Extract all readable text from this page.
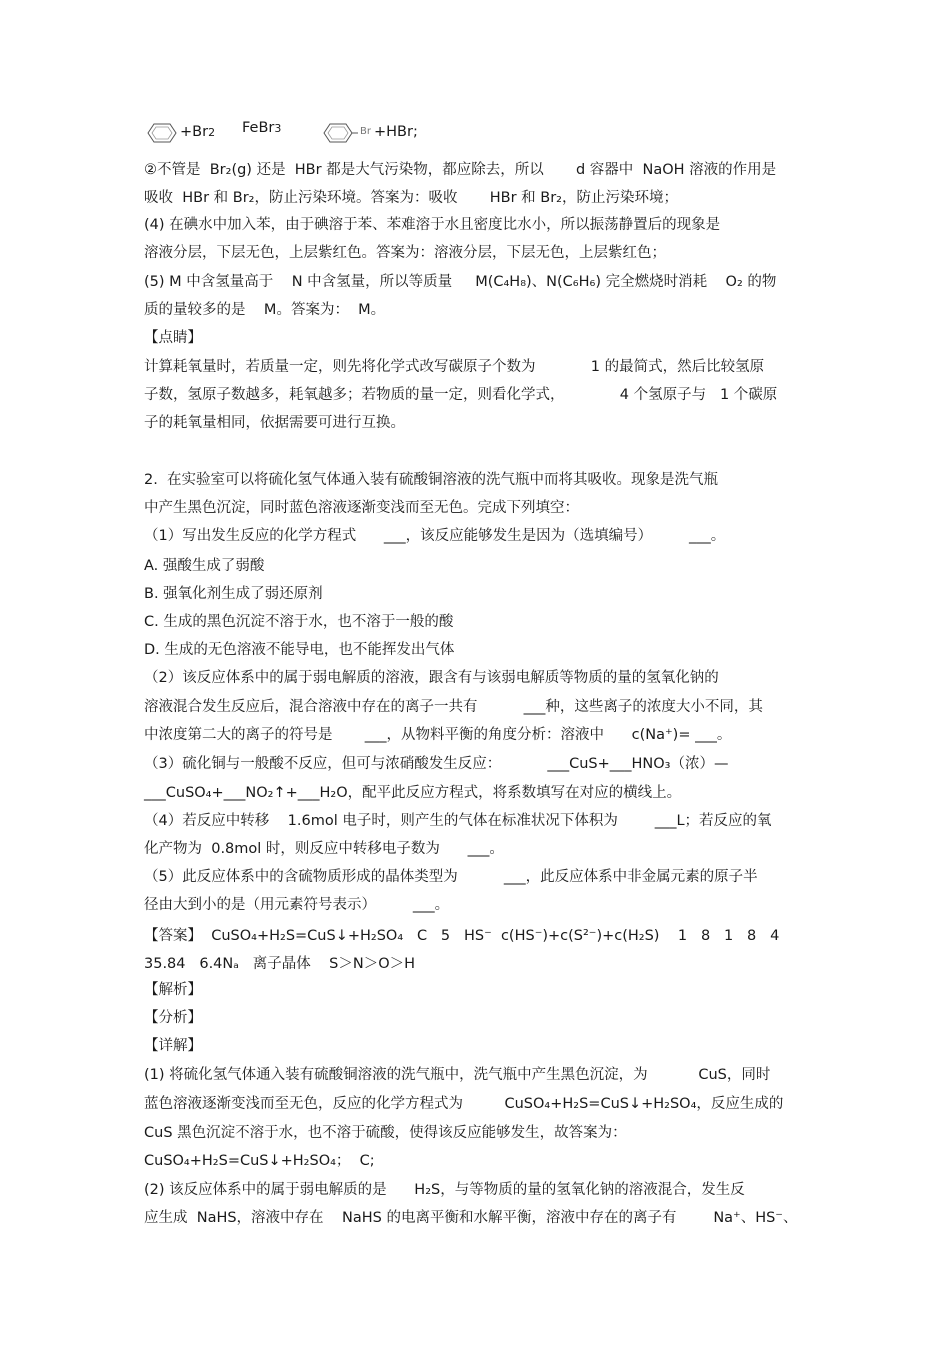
+Br2 FeBr3	Br +HBr;
②不管是  Br₂(g) 还是  HBr 都是大气污染物，都应除去，所以       d 容器中  NaOH 溶液的作用是
吸收  HBr 和 Br₂，防止污染环境。答案为：吸收       HBr 和 Br₂，防止污染环境；
(4) 在碘水中加入苯，由于碘溶于苯、苯难溶于水且密度比水小，所以振荡静置后的现象是
溶液分层，下层无色，上层紫红色。答案为：溶液分层，下层无色，上层紫红色；
(5) M 中含氢量高于    N 中含氢量，所以等质量     M(C₄H₈)、N(C₆H₆) 完全燃烧时消耗    O₂ 的物
质的量较多的是    M。答案为：  M。
【点睛】
计算耗氧量时，若质量一定，则先将化学式改写碳原子个数为            1 的最简式，然后比较氢原
子数，氢原子数越多，耗氧越多；若物质的量一定，则看化学式，            4 个氢原子与   1 个碳原
子的耗氧量相同，依据需要可进行互换。
2.  在实验室可以将硫化氢气体通入装有硫酸铜溶液的洗气瓶中而将其吸收。现象是洗气瓶
中产生黑色沉淀，同时蓝色溶液逐渐变浅而至无色。完成下列填空：
（1）写出发生反应的化学方程式      ___，该反应能够发生是因为（选填编号）        ___。
A. 强酸生成了弱酸
B. 强氧化剂生成了弱还原剂
C. 生成的黑色沉淀不溶于水，也不溶于一般的酸
D. 生成的无色溶液不能导电，也不能挥发出气体
（2）该反应体系中的属于弱电解质的溶液，跟含有与该弱电解质等物质的量的氢氧化钠的
溶液混合发生反应后，混合溶液中存在的离子一共有          ___种，这些离子的浓度大小不同，其
中浓度第二大的离子的符号是       ___，从物料平衡的角度分析：溶液中      c(Na⁺)= ___。
（3）硫化铜与一般酸不反应，但可与浓硝酸发生反应：          ___CuS+___HNO₃（浓）—
___CuSO₄+___NO₂↑+___H₂O，配平此反应方程式，将系数填写在对应的横线上。
（4）若反应中转移    1.6mol 电子时，则产生的气体在标准状况下体积为        ___L；若反应的氧
化产物为  0.8mol 时，则反应中转移电子数为      ___。
（5）此反应体系中的含硫物质形成的晶体类型为          ___，此反应体系中非金属元素的原子半
径由大到小的是（用元素符号表示）        ___。
【答案】  CuSO₄+H₂S=CuS↓+H₂SO₄   C   5   HS⁻  c(HS⁻)+c(S²⁻)+c(H₂S)    1   8   1   8   4
35.84   6.4Nₐ   离子晶体    S＞N＞O＞H
【解析】
【分析】
【详解】
(1) 将硫化氢气体通入装有硫酸铜溶液的洗气瓶中，洗气瓶中产生黑色沉淀，为           CuS，同时
蓝色溶液逐渐变浅而至无色，反应的化学方程式为         CuSO₄+H₂S=CuS↓+H₂SO₄，反应生成的
CuS 黑色沉淀不溶于水，也不溶于硫酸，使得该反应能够发生，故答案为：
CuSO₄+H₂S=CuS↓+H₂SO₄；  C;
(2) 该反应体系中的属于弱电解质的是      H₂S，与等物质的量的氢氧化钠的溶液混合，发生反
应生成  NaHS，溶液中存在    NaHS 的电离平衡和水解平衡，溶液中存在的离子有        Na⁺、HS⁻、
